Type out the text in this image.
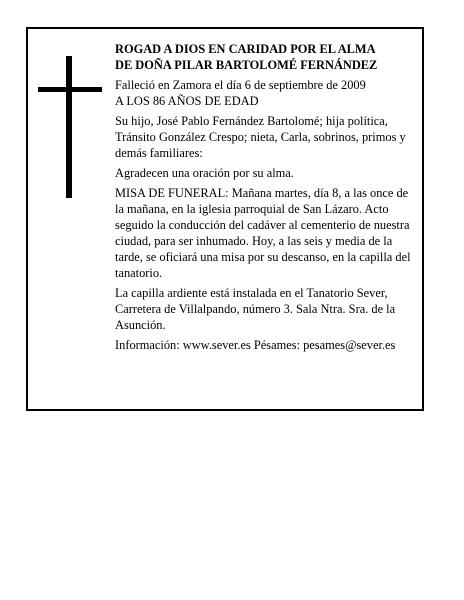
ROGAD A DIOS EN CARIDAD POR EL ALMA

DE DOÑA PILAR BARTOLOMÉ FERNÁNDEZ

Falleció en Zamora el día 6 de septiembre de 2009

A LOS 86 AÑOS DE EDAD

Su hijo, José Pablo Fernández Bartolomé; hija política, Tránsito González Crespo; nieta, Carla, sobrinos, primos y demás familiares:

Agradecen una oración por su alma.

MISA DE FUNERAL: Mañana martes, día 8, a las once de la mañana, en la iglesia parroquial de San Lázaro. Acto seguido la conducción del cadáver al cementerio de nuestra ciudad, para ser inhumado. Hoy, a las seis y media de la tarde, se oficiará una misa por su descanso, en la capilla del tanatorio.

La capilla ardiente está instalada en el Tanatorio Sever, Carretera de Villalpando, número 3. Sala Ntra. Sra. de la Asunción.

Información: www.sever.es Pésames: pesames@sever.es
